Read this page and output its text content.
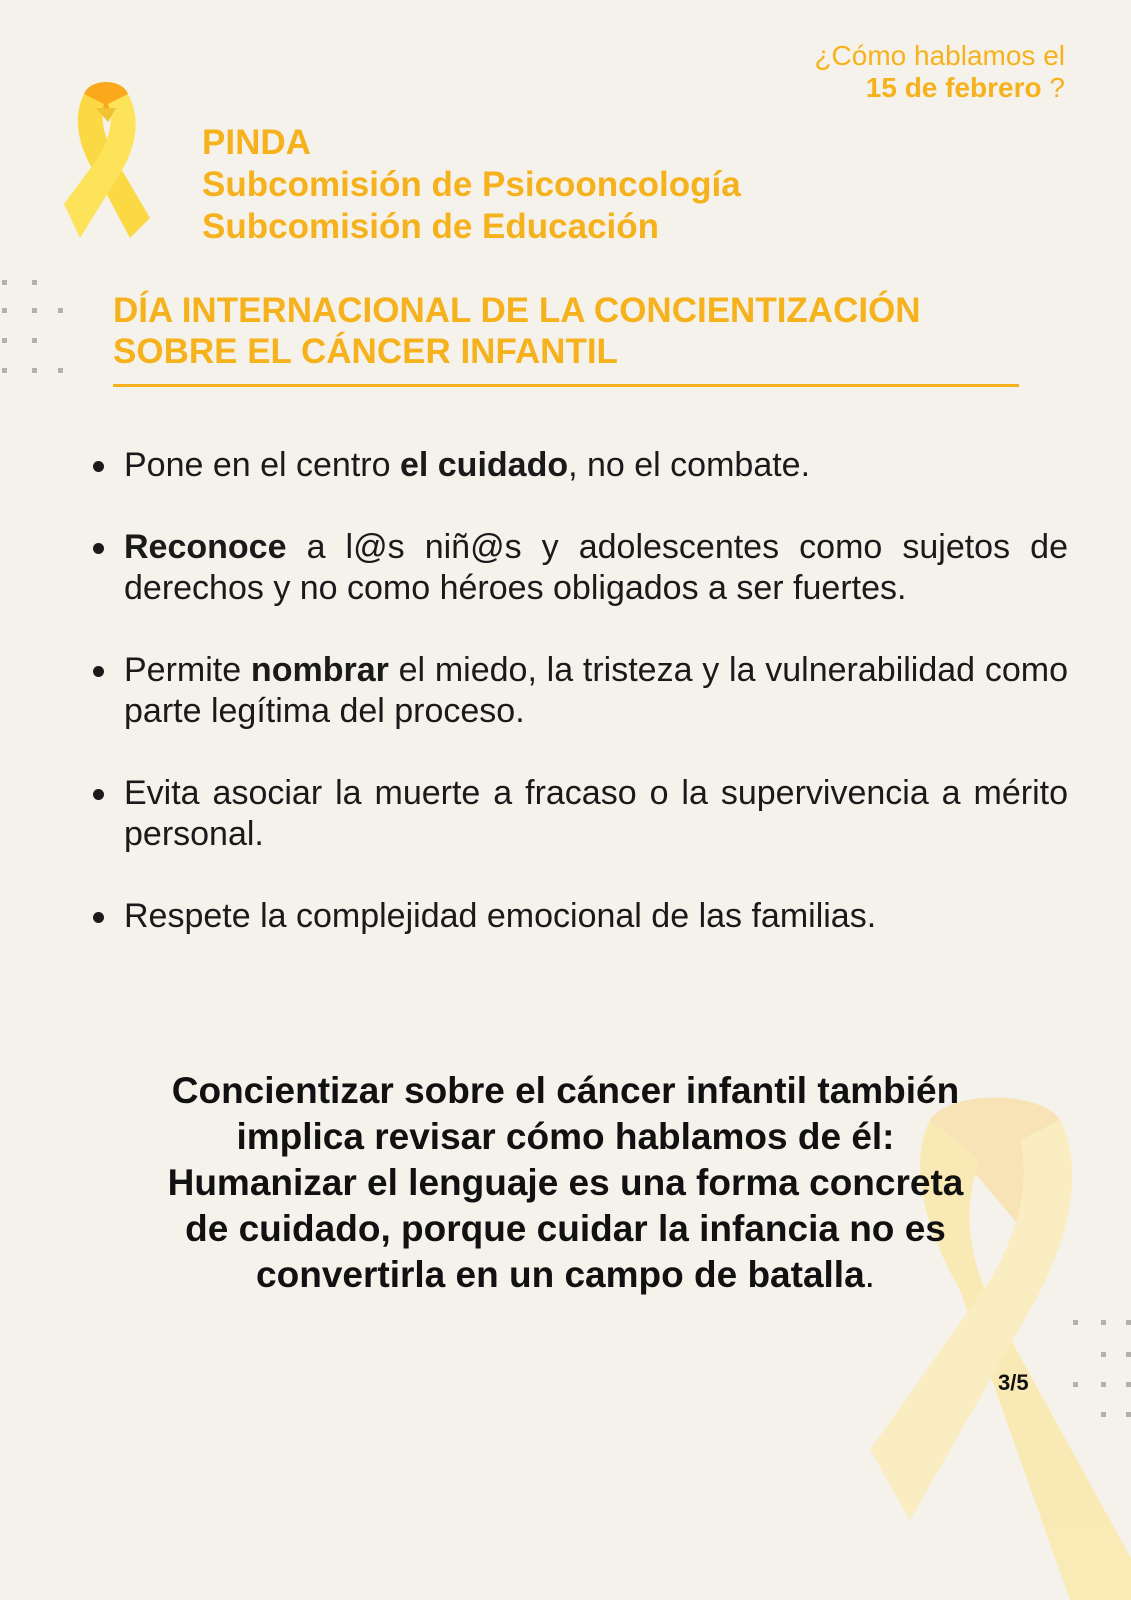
¿Cómo hablamos el
15 de febrero ?
PINDA
Subcomisión de Psicooncología
Subcomisión de Educación
DÍA INTERNACIONAL DE LA CONCIENTIZACIÓN
SOBRE EL CÁNCER INFANTIL
Pone en el centro el cuidado, no el combate.
Reconoce a l@s niñ@s y adolescentes como sujetos de derechos y no como héroes obligados a ser fuertes.
Permite nombrar el miedo, la tristeza y la vulnerabilidad como parte legítima del proceso.
Evita asociar la muerte a fracaso o la supervivencia a mérito personal.
Respete la complejidad emocional de las familias.
Concientizar sobre el cáncer infantil también
implica revisar cómo hablamos de él:
Humanizar el lenguaje es una forma concreta
de cuidado, porque cuidar la infancia no es
convertirla en un campo de batalla.
3/5
